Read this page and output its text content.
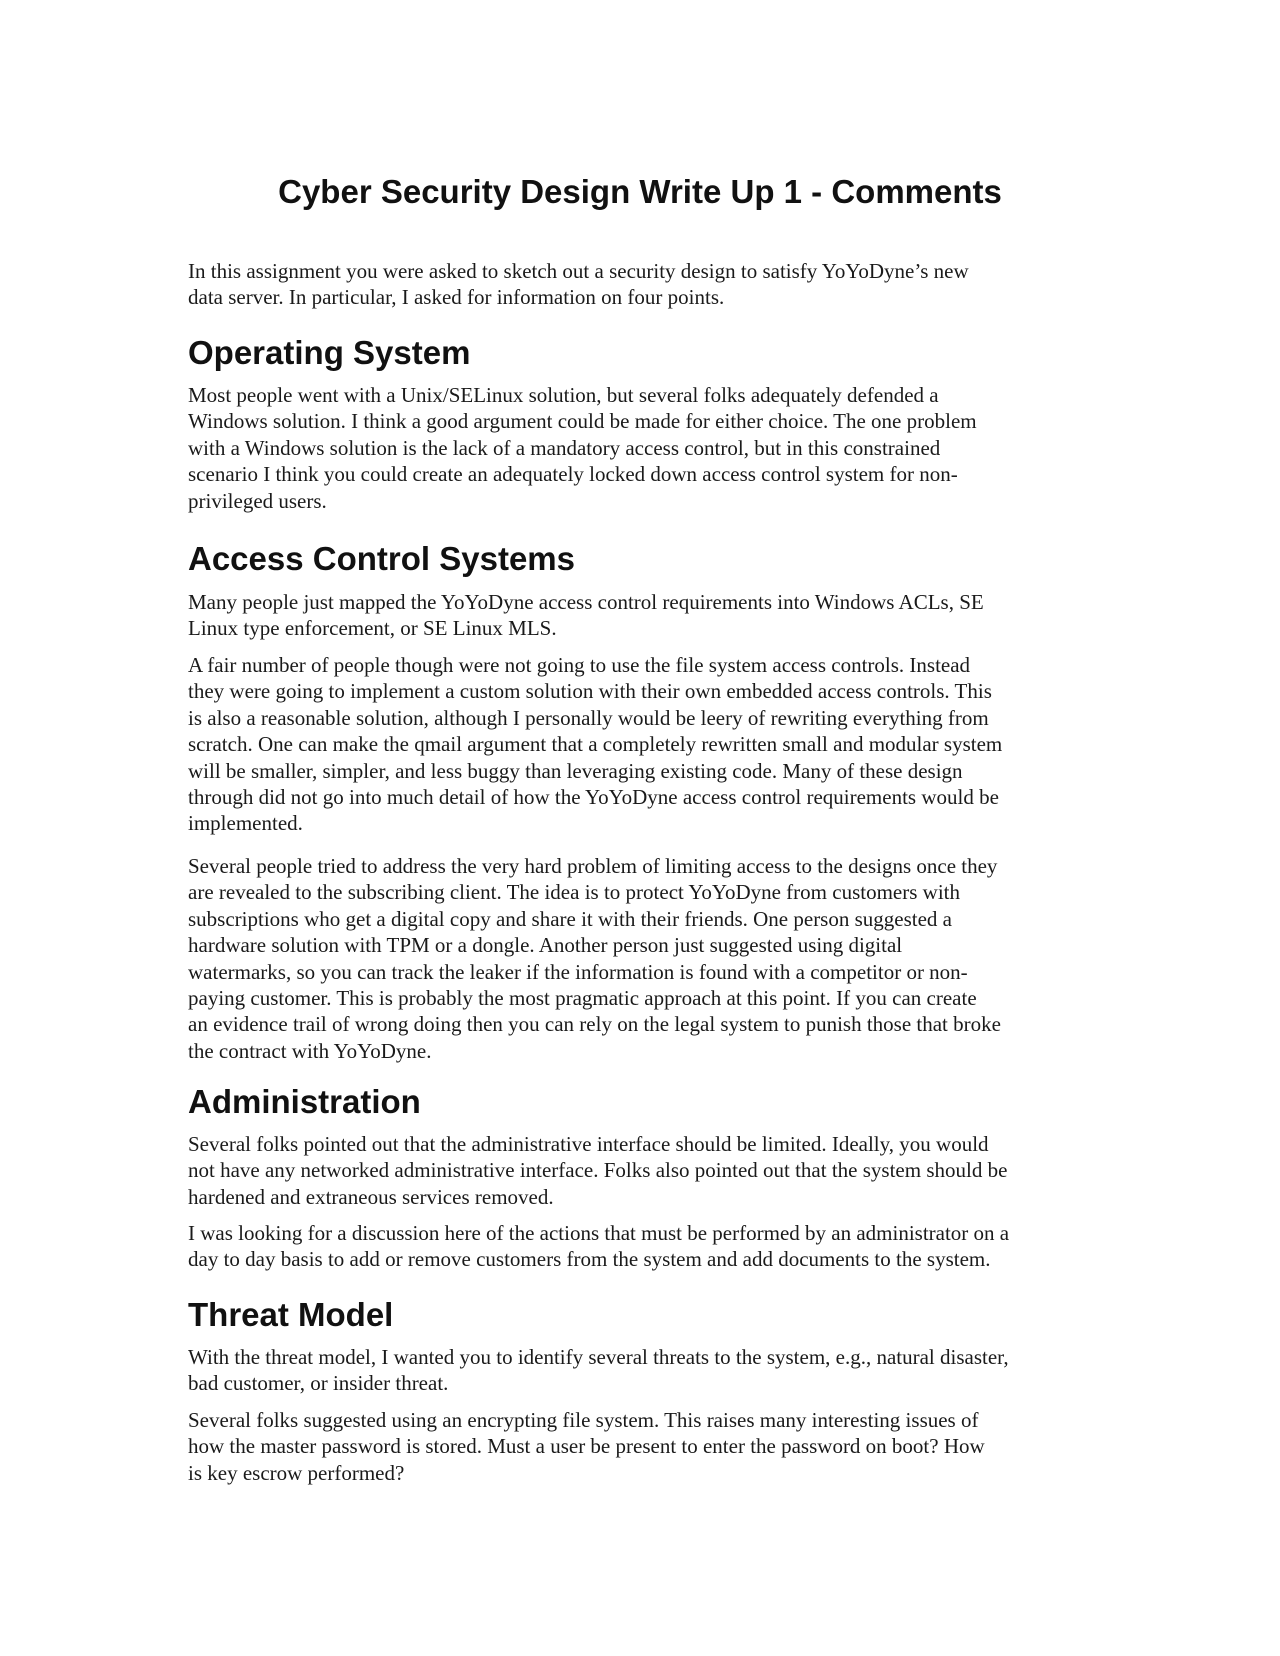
Cyber Security Design Write Up 1 - Comments
In this assignment you were asked to sketch out a security design to satisfy YoYoDyne’s new
data server. In particular, I asked for information on four points.
Operating System
Most people went with a Unix/SELinux solution, but several folks adequately defended a
Windows solution. I think a good argument could be made for either choice. The one problem
with a Windows solution is the lack of a mandatory access control, but in this constrained
scenario I think you could create an adequately locked down access control system for non-
privileged users.
Access Control Systems
Many people just mapped the YoYoDyne access control requirements into Windows ACLs, SE
Linux type enforcement, or SE Linux MLS.
A fair number of people though were not going to use the file system access controls. Instead
they were going to implement a custom solution with their own embedded access controls. This
is also a reasonable solution, although I personally would be leery of rewriting everything from
scratch. One can make the qmail argument that a completely rewritten small and modular system
will be smaller, simpler, and less buggy than leveraging existing code. Many of these design
through did not go into much detail of how the YoYoDyne access control requirements would be
implemented.
Several people tried to address the very hard problem of limiting access to the designs once they
are revealed to the subscribing client. The idea is to protect YoYoDyne from customers with
subscriptions who get a digital copy and share it with their friends. One person suggested a
hardware solution with TPM or a dongle. Another person just suggested using digital
watermarks, so you can track the leaker if the information is found with a competitor or non-
paying customer. This is probably the most pragmatic approach at this point. If you can create
an evidence trail of wrong doing then you can rely on the legal system to punish those that broke
the contract with YoYoDyne.
Administration
Several folks pointed out that the administrative interface should be limited. Ideally, you would
not have any networked administrative interface. Folks also pointed out that the system should be
hardened and extraneous services removed.
I was looking for a discussion here of the actions that must be performed by an administrator on a
day to day basis to add or remove customers from the system and add documents to the system.
Threat Model
With the threat model, I wanted you to identify several threats to the system, e.g., natural disaster,
bad customer, or insider threat.
Several folks suggested using an encrypting file system. This raises many interesting issues of
how the master password is stored. Must a user be present to enter the password on boot? How
is key escrow performed?
